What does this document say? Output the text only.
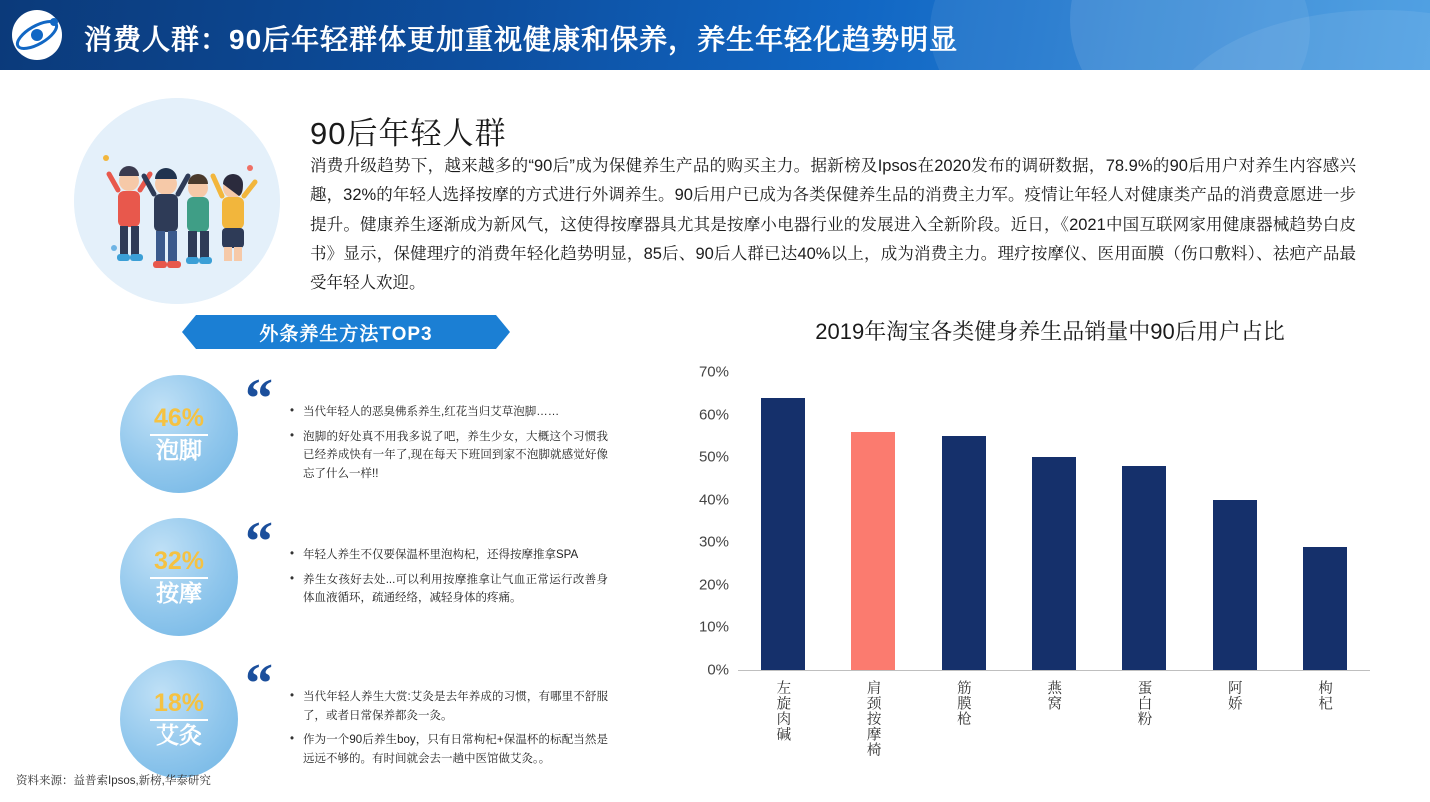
消费人群：90后年轻群体更加重视健康和保养，养生年轻化趋势明显
90后年轻人群
消费升级趋势下，越来越多的“90后”成为保健养生产品的购买主力。据新榜及Ipsos在2020发布的调研数据，78.9%的90后用户对养生内容感兴趣，32%的年轻人选择按摩的方式进行外调养生。90后用户已成为各类保健养生品的消费主力军。疫情让年轻人对健康类产品的消费意愿进一步提升。健康养生逐渐成为新风气，这使得按摩器具尤其是按摩小电器行业的发展进入全新阶段。近日，《2021中国互联网家用健康器械趋势白皮书》显示，保健理疗的消费年轻化趋势明显，85后、90后人群已达40%以上，成为消费主力。理疗按摩仪、医用面膜（伤口敷料）、祛疤产品最受年轻人欢迎。
外条养生方法TOP3
46%
泡脚
“	• 当代年轻人的恶臭佛系养生,红花当归艾草泡脚……
• 泡脚的好处真不用我多说了吧，养生少女，大概这个习惯我已经养成快有一年了,现在每天下班回到家不泡脚就感觉好像忘了什么一样!!
32%
按摩
“	• 年轻人养生不仅要保温杯里泡构杞，还得按摩推拿SPA
• 养生女孩好去处...可以利用按摩推拿让气血正常运行改善身体血液循环，疏通经络，减轻身体的疼痛。
18%
艾灸
“	• 当代年轻人养生大赏:艾灸是去年养成的习惯，有哪里不舒服了，或者日常保养都灸一灸。
• 作为一个90后养生boy，只有日常枸杞+保温杯的标配当然是远远不够的。有时间就会去一趟中医馆做艾灸。。
2019年淘宝各类健身养生品销量中90后用户占比
0%
10%
20%
30%
40%
50%
60%
70%
左旋肉碱	肩颈按摩椅	筋膜枪	燕窝	蛋白粉	阿娇	枸杞
资料来源：益普索Ipsos,新榜,华泰研究
